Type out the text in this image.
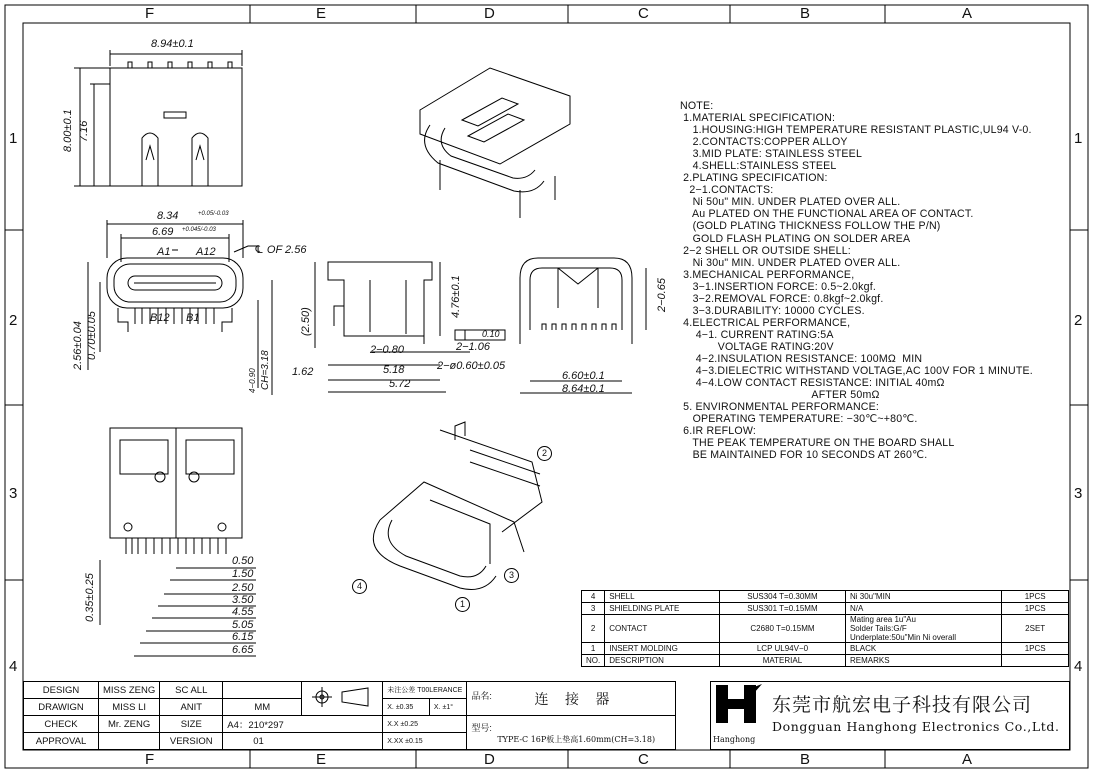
F	E	D	C	B	A
F	E	D	C	B	A
1
2
3
4
1
2
3
4
8.94±0.1
8.00±0.1 7.16
8.34	+0.05/-0.03
6.69 +0.045/-0.03
A1 A12
B12 B1
℄ OF 2.56
2.56±0.04 0.70±0.05
4−0.90 CH=3.18
(2.50)
4.76±0.1
0.10
2−0.80	2−1.06
1.62	5.18	2−ø0.60±0.05
5.72
2−0.65
6.60±0.1
8.64±0.1
0.35±0.25
0.50
1.50
2.50
3.50
4.55
5.05
6.15
6.65
1
2
3
4
NOTE:
1.MATERIAL SPECIFICATION:
1.HOUSING:HIGH TEMPERATURE RESISTANT PLASTIC,UL94 V-0.
2.CONTACTS:COPPER ALLOY
3.MID PLATE: STAINLESS STEEL
4.SHELL:STAINLESS STEEL
2.PLATING SPECIFICATION:
2−1.CONTACTS:
Ni 50u" MIN. UNDER PLATED OVER ALL.
Au PLATED ON THE FUNCTIONAL AREA OF CONTACT.
(GOLD PLATING THICKNESS FOLLOW THE P/N)
GOLD FLASH PLATING ON SOLDER AREA
2−2 SHELL OR OUTSIDE SHELL:
Ni 30u" MIN. UNDER PLATED OVER ALL.
3.MECHANICAL PERFORMANCE,
3−1.INSERTION FORCE: 0.5~2.0kgf.
3−2.REMOVAL FORCE: 0.8kgf~2.0kgf.
3−3.DURABILITY: 10000 CYCLES.
4.ELECTRICAL PERFORMANCE,
4−1. CURRENT RATING:5A
VOLTAGE RATING:20V
4−2.INSULATION RESISTANCE: 100MΩ  MIN
4−3.DIELECTRIC WITHSTAND VOLTAGE,AC 100V FOR 1 MINUTE.
4−4.LOW CONTACT RESISTANCE: INITIAL 40mΩ
AFTER 50mΩ
5. ENVIRONMENTAL PERFORMANCE:
OPERATING TEMPERATURE: −30℃~+80℃.
6.IR REFLOW:
THE PEAK TEMPERATURE ON THE BOARD SHALL
BE MAINTAINED FOR 10 SECONDS AT 260℃.
4	SHELL	SUS304 T=0.30MM	Ni 30u"MIN	1PCS
3	SHIELDING PLATE	SUS301 T=0.15MM	N/A	1PCS
2	CONTACT	C2680 T=0.15MM	Mating area 1u"Au
Solder Tails:G/F
Underplate:50u"Min Ni overall	2SET
1	INSERT MOLDING	LCP UL94V−0	BLACK	1PCS
NO.	DESCRIPTION	MATERIAL	REMARKS	
DESIGN	MISS ZENG	SC ALL			未注公差 T00LERANCE		品名: 连 接 器
DRAWIGN	MISS LI	ANIT	MM		X. ±0.35	X. ±1°	
CHECK	Mr. ZENG	SIZE	A4：210*297		X.X ±0.25		型号:
TYPE-C 16P板上垫高1.60mm(CH=3.18)

APPROVAL		VERSION	01		X.XX ±0.15			Hanghong
东莞市航宏电子科技有限公司
Dongguan Hanghong Electronics Co.,Ltd.
